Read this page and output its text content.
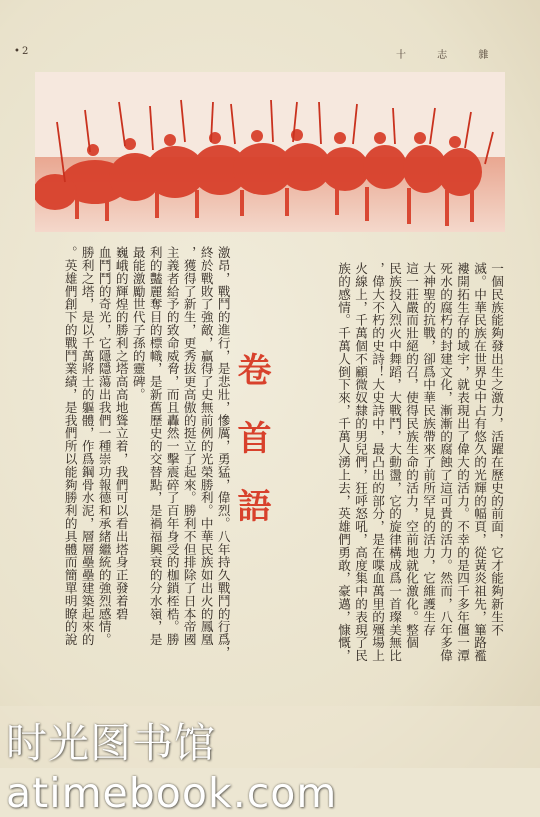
• 2	十 志 雜
一個民族能夠發出生之激力，活躍在歷史的前面，它才能夠新生不
滅。中華民族在世界史中占有悠久的光輝的幅頁，從黃炎祖先，篳路襤
褸開拓生存的域宇，就表現出了偉大的活力。不幸的是四千多年僵一潭
死水的腐朽的封建文化，漸漸的腐蝕了這可貴的活力。然而，八年多偉
大神聖的抗戰，卻爲中華民族帶來了前所罕見的活力，它維護生存
這一莊嚴而壯絕的召，使得民族生命的活力，空前地就化激化。整個
民族投入烈火中舞蹈，大戰鬥，大動盪，它的旋律構成爲一首璨美無比
，偉大不朽的史詩！大史詩中，最凸出的部分，是在喋血萬里的殭場上
火線上，千萬個不顧微奴隸的男兒們，狂呼怒吼，高度集中的表現了民
族的感情。千萬人倒下來，千萬人湧上去，英雄們勇敢，豪邁，慷慨，
激昂，戰鬥的進行，是悲壯，慘厲，勇猛，偉烈。八年持久戰鬥的行爲，
終於戰敗了強敵，贏得了史無前例的光榮勝利。中華民族如出火的鳳凰
，獲得了新生，更秀拔更高傲的挺立了起來。勝利不但排除了日本帝國
主義者給予的致命威脅，而且轟然一擊震碎了百年身受的枷鎖桎梏。勝
利的豔麗奪目的標幟，是新舊歷史的交替點，是禍福興衰的分水嶺，是
最能激勵世代子孫的靈碑。
巍峨的輝煌的勝利之塔高高地聳立着，我們可以看出塔身正發着碧
血鬥鬥的奇光，它隱隱蕩出我們一種崇功報德和承緒繼統的強烈感情。
勝利之塔，是以千萬將士的軀體，作爲鋼骨水泥，層層壘壘建築起來的
。英雄們創下的戰鬥業績，是我們所以能夠勝利的具體而簡單明瞭的說	卷首語
时光图书馆atimebook.com
